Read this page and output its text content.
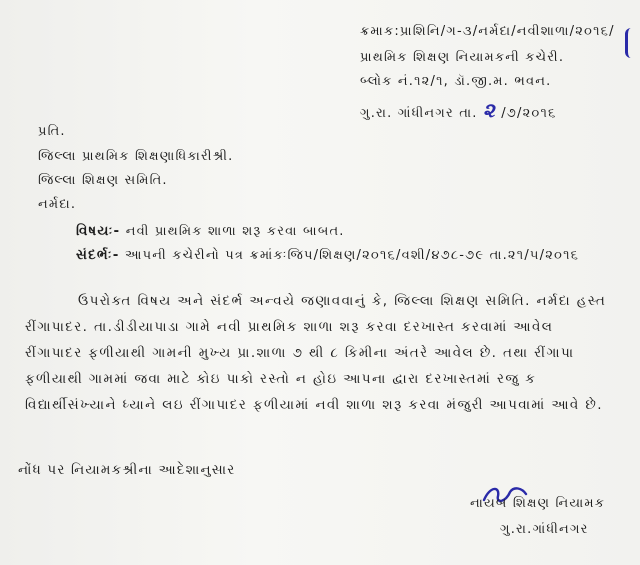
ક્રમાક:પ્રાશિનિ/ગ-૩/નર્મદા/નવીશાળા/૨૦૧૬/
પ્રાથમિક શિક્ષણ નિયામકની કચેરી.
બ્લોક નં.૧૨/૧, ડૉ.જી.મ. ભવન.
ગુ.રા. ગાંધીનગર તા. ૨ /૭/૨૦૧૬
પ્રતિ.
જિલ્લા પ્રાથમિક શિક્ષણાધિકારીશ્રી.
જિલ્લા શિક્ષણ સમિતિ.
નર્મદા.
વિષયઃ- નવી પ્રાથમિક શાળા શરૂ કરવા બાબત.
સંદર્ભઃ- આપની કચેરીનો પત્ર ક્રમાંકઃજિપ/શિક્ષણ/૨૦૧૬/વશી/૪૭૮-૭૯ તા.૨૧/૫/૨૦૧૬
ઉપરોક્ત વિષય અને સંદર્ભ અન્વયે જણાવવાનું કે, જિલ્લા શિક્ષણ સમિતિ. નર્મદા હસ્ત
રીંગાપાદર. તા.ડીડીયાપાડા ગામે નવી પ્રાથમિક શાળા શરૂ કરવા દરખાસ્ત કરવામાં આવેલ
રીંગાપાદર ફળીયાથી ગામની મુખ્ય પ્રા.શાળા ૭ થી ૮ કિમીના અંતરે આવેલ છે. તથા રીંગાપા
ફળીયાથી ગામમાં જવા માટે કોઇ પાકો રસ્તો ન હોઇ આપના દ્વારા દરખાસ્તમાં રજુ ક
વિદ્યાર્થીસંખ્યાને ધ્યાને લઇ રીંગાપાદર ફળીયામાં નવી શાળા શરૂ કરવા મંજુરી આપવામાં આવે છે.
નોંધ પર નિયામકશ્રીના આદેશાનુસાર
નાયબ શિક્ષણ નિયામક
ગુ.રા.ગાંધીનગર
